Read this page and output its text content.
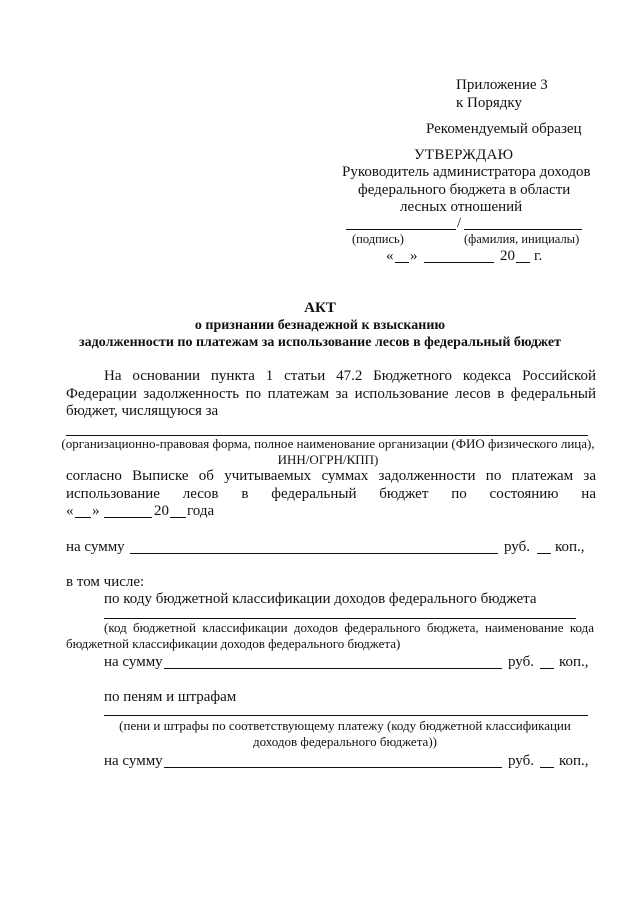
Приложение 3
к Порядку
Рекомендуемый образец
УТВЕРЖДАЮ
Руководитель администратора доходов
федерального бюджета в области
лесных отношений
/
(подпись)	(фамилия, инициалы)
« »	20 г.
АКТ
о признании безнадежной к взысканию
задолженности по платежам за использование лесов в федеральный бюджет
На основании пункта 1 статьи 47.2 Бюджетного кодекса Российской
Федерации задолженность по платежам за использование лесов в федеральный
бюджет, числящуюся за
(организационно-правовая форма, полное наименование организации (ФИО физического лица),
ИНН/ОГРН/КПП)
согласно Выписке об учитываемых суммах задолженности по платежам за
использование лесов в федеральный бюджет по состоянию на
« »	20 года
на сумму	руб. коп.,
в том числе:
по коду бюджетной классификации доходов федерального бюджета
(код бюджетной классификации доходов федерального бюджета, наименование кода
бюджетной классификации доходов федерального бюджета)
на сумму	руб. коп.,
по пеням и штрафам
(пени и штрафы по соответствующему платежу (коду бюджетной классификации
доходов федерального бюджета))
на сумму	руб. коп.,
